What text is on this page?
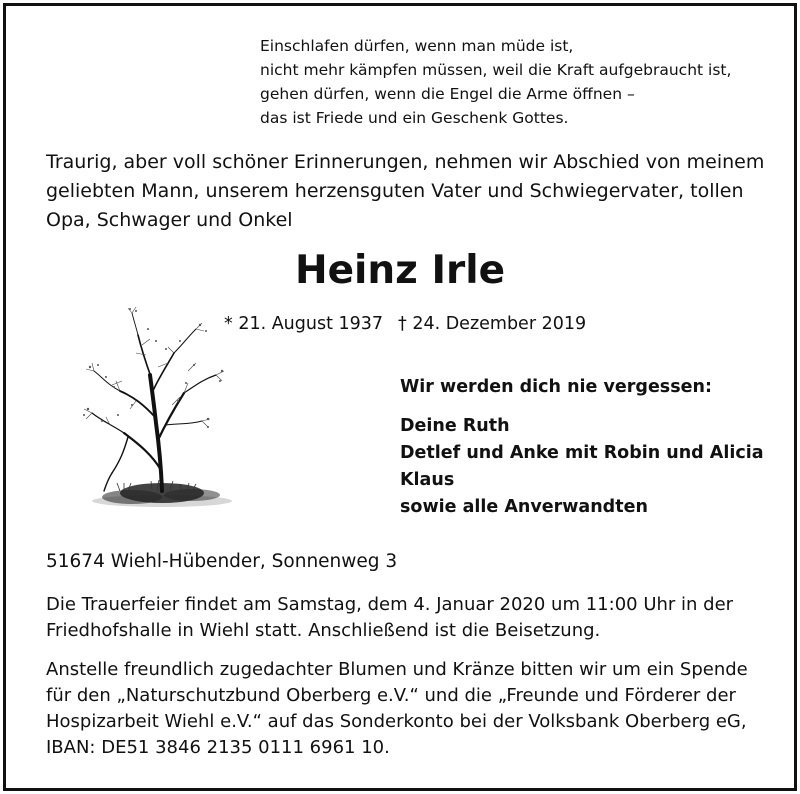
Einschlafen dürfen, wenn man müde ist,
nicht mehr kämpfen müssen, weil die Kraft aufgebraucht ist,
gehen dürfen, wenn die Engel die Arme öffnen –
das ist Friede und ein Geschenk Gottes.
Traurig, aber voll schöner Erinnerungen, nehmen wir Abschied von meinem
geliebten Mann, unserem herzensguten Vater und Schwiegervater, tollen
Opa, Schwager und Onkel
Heinz Irle
* 21. August 1937 † 24. Dezember 2019
Wir werden dich nie vergessen:
Deine Ruth
Detlef und Anke mit Robin und Alicia
Klaus
sowie alle Anverwandten
51674 Wiehl-Hübender, Sonnenweg 3
Die Trauerfeier findet am Samstag, dem 4. Januar 2020 um 11:00 Uhr in der
Friedhofshalle in Wiehl statt. Anschließend ist die Beisetzung.
Anstelle freundlich zugedachter Blumen und Kränze bitten wir um ein Spende
für den „Naturschutzbund Oberberg e.V.“ und die „Freunde und Förderer der
Hospizarbeit Wiehl e.V.“ auf das Sonderkonto bei der Volksbank Oberberg eG,
IBAN: DE51 3846 2135 0111 6961 10.
